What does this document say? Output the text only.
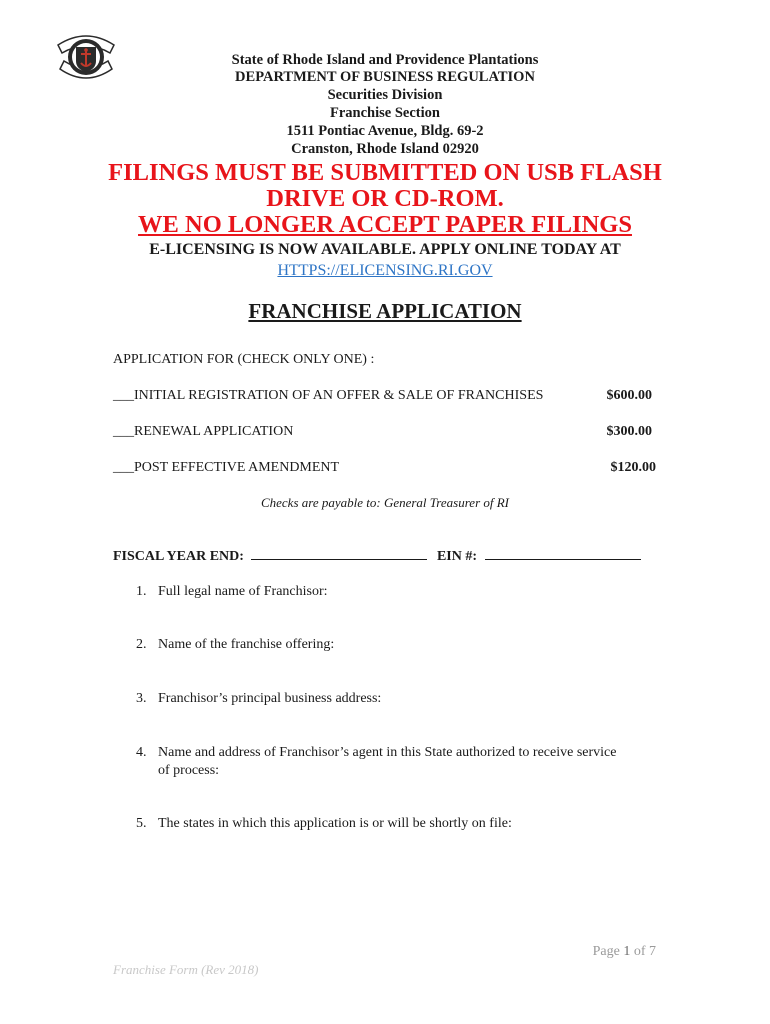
State of Rhode Island and Providence Plantations
DEPARTMENT OF BUSINESS REGULATION
Securities Division
Franchise Section
1511 Pontiac Avenue, Bldg. 69-2
Cranston, Rhode Island 02920
FILINGS MUST BE SUBMITTED ON USB FLASH
DRIVE OR CD-ROM.
WE NO LONGER ACCEPT PAPER FILINGS
E-LICENSING IS NOW AVAILABLE. APPLY ONLINE TODAY AT
HTTPS://ELICENSING.RI.GOV
FRANCHISE APPLICATION
APPLICATION FOR (CHECK ONLY ONE) :
___INITIAL REGISTRATION OF AN OFFER & SALE OF FRANCHISES	$600.00
___RENEWAL APPLICATION	$300.00
___POST EFFECTIVE AMENDMENT	$120.00
Checks are payable to: General Treasurer of RI
FISCAL YEAR END:	EIN #:
1. Full legal name of Franchisor:
2. Name of the franchise offering:
3. Franchisor’s principal business address:
4. Name and address of Franchisor’s agent in this State authorized to receive service
of process:
5. The states in which this application is or will be shortly on file:
Page 1 of 7
Franchise Form (Rev 2018)
